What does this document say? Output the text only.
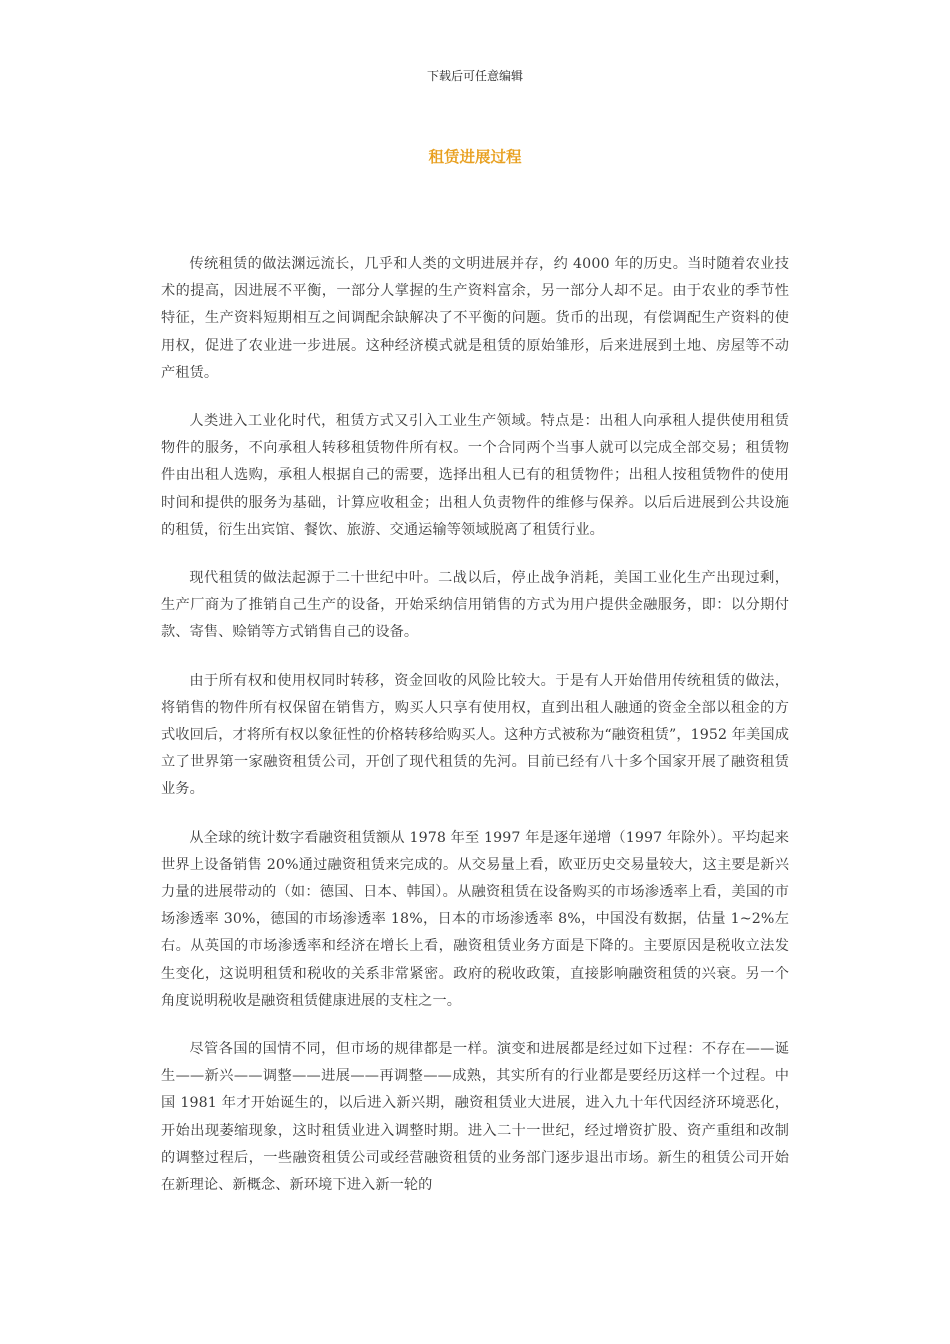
下载后可任意编辑
租赁进展过程

传统租赁的做法渊远流长，几乎和人类的文明进展并存，约 4000 年的历史。当时随着农业技术的提高，因进展不平衡，一部分人掌握的生产资料富余，另一部分人却不足。由于农业的季节性特征，生产资料短期相互之间调配余缺解决了不平衡的问题。货币的出现，有偿调配生产资料的使用权，促进了农业进一步进展。这种经济模式就是租赁的原始雏形，后来进展到土地、房屋等不动产租赁。

人类进入工业化时代，租赁方式又引入工业生产领域。特点是：出租人向承租人提供使用租赁物件的服务，不向承租人转移租赁物件所有权。一个合同两个当事人就可以完成全部交易；租赁物件由出租人选购，承租人根据自己的需要，选择出租人已有的租赁物件；出租人按租赁物件的使用时间和提供的服务为基础，计算应收租金；出租人负责物件的维修与保养。以后后进展到公共设施的租赁，衍生出宾馆、餐饮、旅游、交通运输等领域脱离了租赁行业。

现代租赁的做法起源于二十世纪中叶。二战以后，停止战争消耗，美国工业化生产出现过剩，生产厂商为了推销自己生产的设备，开始采纳信用销售的方式为用户提供金融服务，即：以分期付款、寄售、赊销等方式销售自己的设备。

由于所有权和使用权同时转移，资金回收的风险比较大。于是有人开始借用传统租赁的做法，将销售的物件所有权保留在销售方，购买人只享有使用权，直到出租人融通的资金全部以租金的方式收回后，才将所有权以象征性的价格转移给购买人。这种方式被称为“融资租赁”，1952 年美国成立了世界第一家融资租赁公司，开创了现代租赁的先河。目前已经有八十多个国家开展了融资租赁业务。

从全球的统计数字看融资租赁额从 1978 年至 1997 年是逐年递增（1997 年除外）。平均起来世界上设备销售 20%通过融资租赁来完成的。从交易量上看，欧亚历史交易量较大，这主要是新兴力量的进展带动的（如：德国、日本、韩国）。从融资租赁在设备购买的市场渗透率上看，美国的市场渗透率 30%，德国的市场渗透率 18%，日本的市场渗透率 8%，中国没有数据，估量 1~2%左右。从英国的市场渗透率和经济在增长上看，融资租赁业务方面是下降的。主要原因是税收立法发生变化，这说明租赁和税收的关系非常紧密。政府的税收政策，直接影响融资租赁的兴衰。另一个角度说明税收是融资租赁健康进展的支柱之一。

尽管各国的国情不同，但市场的规律都是一样。演变和进展都是经过如下过程：不存在——诞生——新兴——调整——进展——再调整——成熟，其实所有的行业都是要经历这样一个过程。中国 1981 年才开始诞生的，以后进入新兴期，融资租赁业大进展，进入九十年代因经济环境恶化，开始出现萎缩现象，这时租赁业进入调整时期。进入二十一世纪，经过增资扩股、资产重组和改制的调整过程后，一些融资租赁公司或经营融资租赁的业务部门逐步退出市场。新生的租赁公司开始在新理论、新概念、新环境下进入新一轮的
